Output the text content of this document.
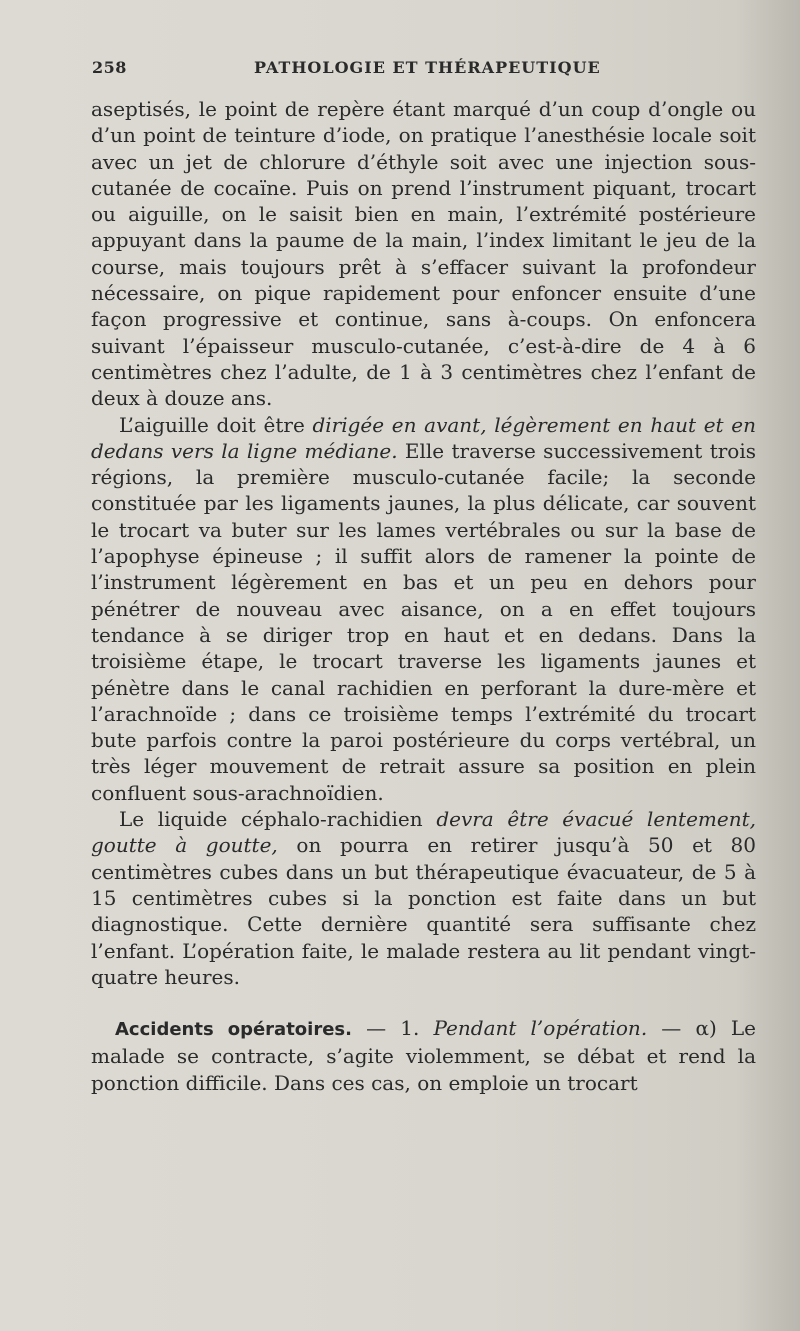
258	PATHOLOGIE ET THÉRAPEUTIQUE

aseptisés, le point de repère étant marqué d’un coup d’ongle ou d’un point de teinture d’iode, on pratique l’anesthésie locale soit avec un jet de chlorure d’éthyle soit avec une injection sous-cutanée de cocaïne. Puis on prend l’instrument piquant, trocart ou aiguille, on le saisit bien en main, l’extrémité postérieure appuyant dans la paume de la main, l’index limitant le jeu de la course, mais toujours prêt à s’effacer suivant la profondeur nécessaire, on pique rapidement pour enfoncer ensuite d’une façon progressive et continue, sans à-coups. On enfoncera suivant l’épaisseur musculo-cutanée, c’est-à-dire de 4 à 6 centimètres chez l’adulte, de 1 à 3 centimètres chez l’enfant de deux à douze ans.

L’aiguille doit être dirigée en avant, légèrement en haut et en dedans vers la ligne médiane. Elle traverse successivement trois régions, la première musculo-cutanée facile; la seconde constituée par les ligaments jaunes, la plus délicate, car souvent le trocart va buter sur les lames vertébrales ou sur la base de l’apophyse épineuse ; il suffit alors de ramener la pointe de l’instrument légèrement en bas et un peu en dehors pour pénétrer de nouveau avec aisance, on a en effet toujours tendance à se diriger trop en haut et en dedans. Dans la troisième étape, le trocart traverse les ligaments jaunes et pénètre dans le canal rachidien en perforant la dure-mère et l’arachnoïde ; dans ce troisième temps l’extrémité du trocart bute parfois contre la paroi postérieure du corps vertébral, un très léger mouvement de retrait assure sa position en plein confluent sous-arachnoïdien.

Le liquide céphalo-rachidien devra être évacué lentement, goutte à goutte, on pourra en retirer jusqu’à 50 et 80 centimètres cubes dans un but thérapeutique évacuateur, de 5 à 15 centimètres cubes si la ponction est faite dans un but diagnostique. Cette dernière quantité sera suffisante chez l’enfant. L’opération faite, le malade restera au lit pendant vingt-quatre heures.

Accidents opératoires. — 1. Pendant l’opération. — α) Le malade se contracte, s’agite violemment, se débat et rend la ponction difficile. Dans ces cas, on emploie un trocart
